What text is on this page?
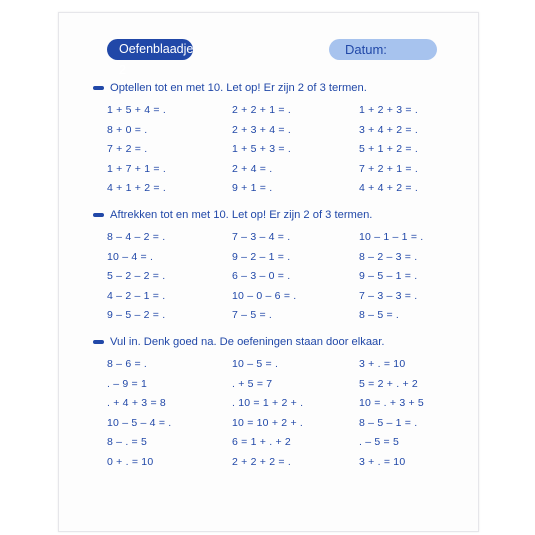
Oefenblaadje 2
Datum:
Optellen tot en met 10. Let op! Er zijn 2 of 3 termen.
Aftrekken tot en met 10. Let op! Er zijn 2 of 3 termen.
Vul in. Denk goed na. De oefeningen staan door elkaar.
1 + 5 + 4 = .	2 + 2 + 1 = .	1 + 2 + 3 = .
8 + 0 = .	2 + 3 + 4 = .	3 + 4 + 2 = .
7 + 2 = .	1 + 5 + 3 = .	5 + 1 + 2 = .
1 + 7 + 1 = .	2 + 4 = .	7 + 2 + 1 = .
4 + 1 + 2 = .	9 + 1 = .	4 + 4 + 2 = .
8 – 4 – 2 = .	7 – 3 – 4 = .	10 – 1 – 1 = .
10 – 4 = .	9 – 2 – 1 = .	8 – 2 – 3 = .
5 – 2 – 2 = .	6 – 3 – 0 = .	9 – 5 – 1 = .
4 – 2 – 1 = .	10 – 0 – 6 = .	7 – 3 – 3 = .
9 – 5 – 2 = .	7 – 5 = .	8 – 5 = .
8 – 6 = .	10 – 5 = .	3 + . = 10
. – 9 = 1	. + 5 = 7	5 = 2 + . + 2
. + 4 + 3 = 8	. 10 = 1 + 2 + .	10 = . + 3 + 5
10 – 5 – 4 = .	10 = 10 + 2 + .	8 – 5 – 1 = .
8 – . = 5	6 = 1 + . + 2	. – 5 = 5
0 + . = 10	2 + 2 + 2 = .	3 + . = 10
